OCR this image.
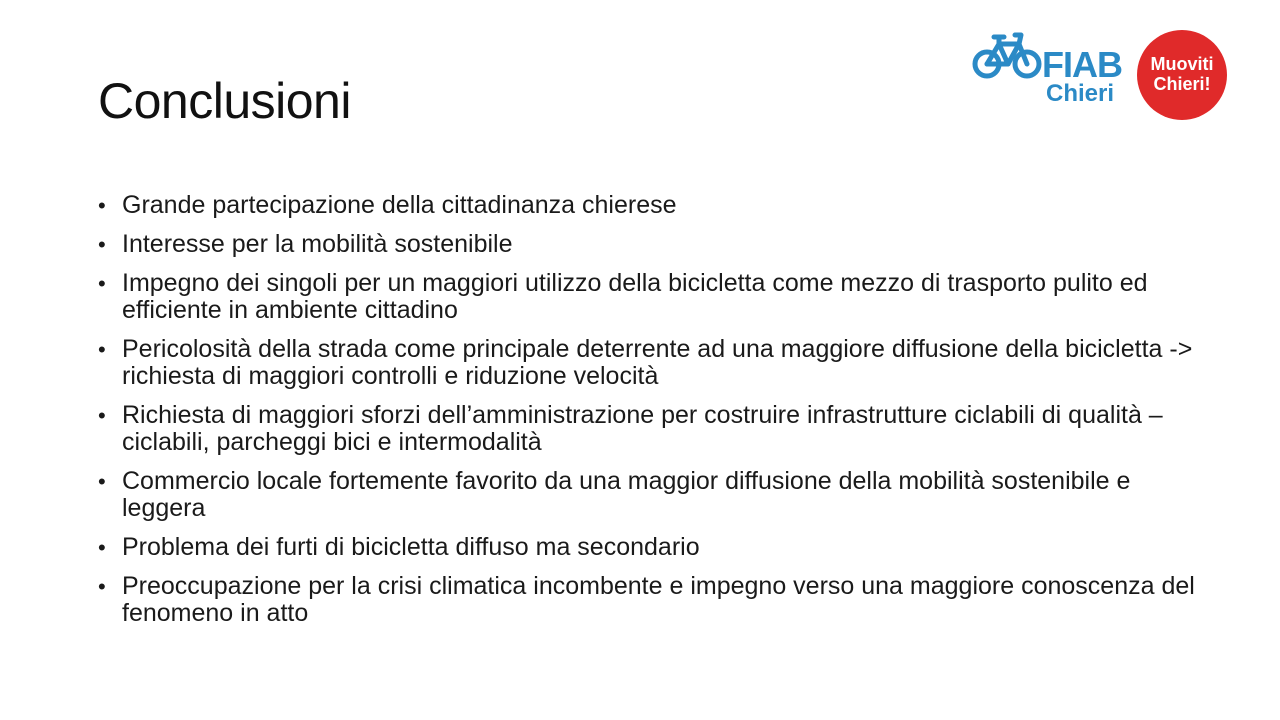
Conclusioni
FIAB
Chieri
Muoviti
Chieri!
• Grande partecipazione della cittadinanza chierese
• Interesse per la mobilità sostenibile
• Impegno dei singoli per un maggiori utilizzo della bicicletta come mezzo di trasporto pulito ed efficiente in ambiente cittadino
• Pericolosità della strada come principale deterrente ad una maggiore diffusione della bicicletta -> richiesta di maggiori controlli e riduzione velocità
• Richiesta di maggiori sforzi dell’amministrazione per costruire infrastrutture ciclabili di qualità – ciclabili, parcheggi bici e intermodalità
• Commercio locale fortemente favorito da una maggior diffusione della mobilità sostenibile e leggera
• Problema dei furti di bicicletta diffuso ma secondario
• Preoccupazione per la crisi climatica incombente e impegno verso una maggiore conoscenza del fenomeno in atto
